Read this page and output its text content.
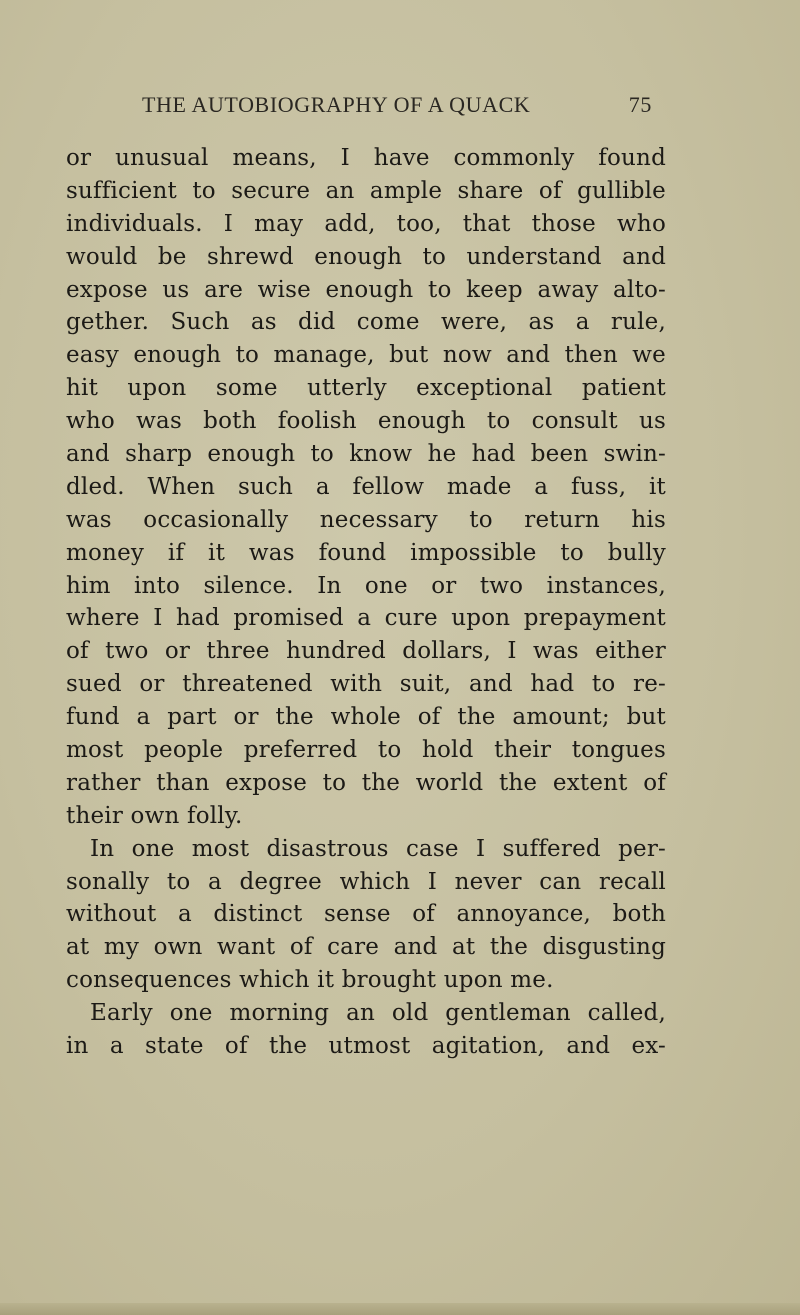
THE AUTOBIOGRAPHY OF A QUACK	75
or unusual means, I have commonly found
sufficient to secure an ample share of gullible
individuals. I may add, too, that those who
would be shrewd enough to understand and
expose us are wise enough to keep away alto-
gether. Such as did come were, as a rule,
easy enough to manage, but now and then we
hit upon some utterly exceptional patient
who was both foolish enough to consult us
and sharp enough to know he had been swin-
dled. When such a fellow made a fuss, it
was occasionally necessary to return his
money if it was found impossible to bully
him into silence. In one or two instances,
where I had promised a cure upon prepayment
of two or three hundred dollars, I was either
sued or threatened with suit, and had to re-
fund a part or the whole of the amount; but
most people preferred to hold their tongues
rather than expose to the world the extent of
their own folly.
In one most disastrous case I suffered per-
sonally to a degree which I never can recall
without a distinct sense of annoyance, both
at my own want of care and at the disgusting
consequences which it brought upon me.
Early one morning an old gentleman called,
in a state of the utmost agitation, and ex-
